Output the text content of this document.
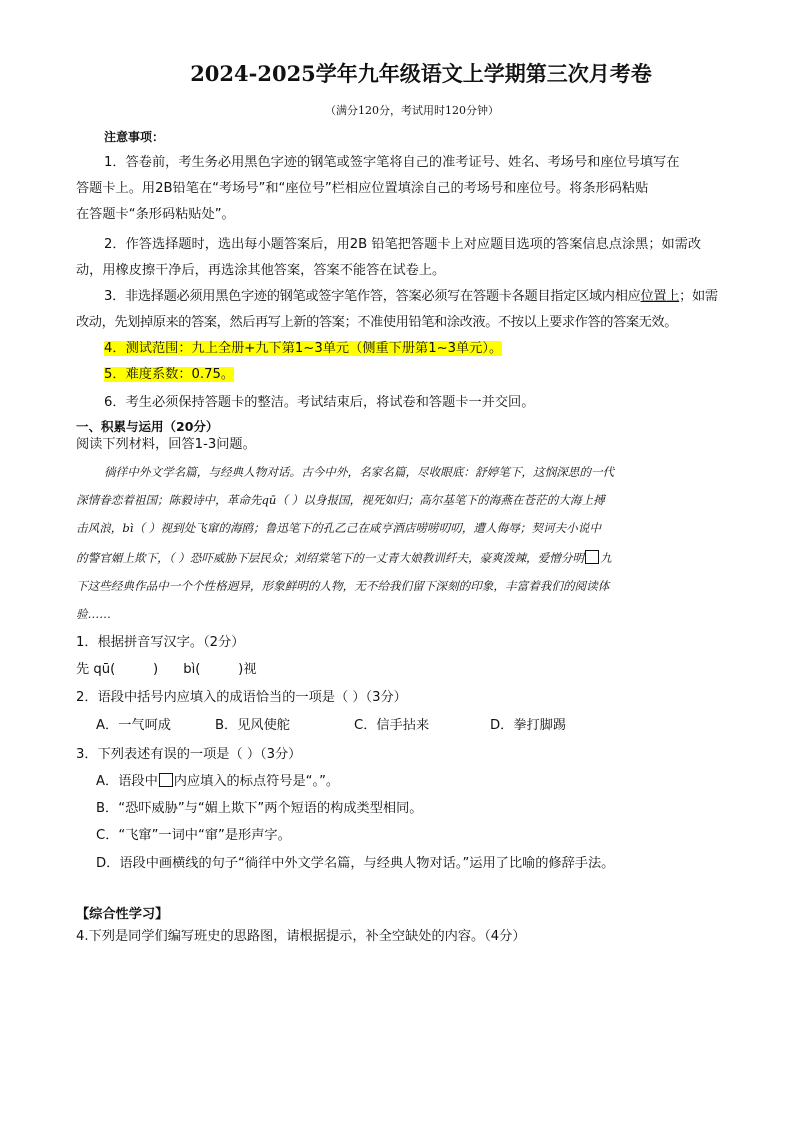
2024-2025学年九年级语文上学期第三次月考卷
（满分120分，考试用时120分钟）
注意事项：
1．答卷前，考生务必用黑色字迹的钢笔或签字笔将自己的准考证号、姓名、考场号和座位号填写在
答题卡上。用2B铅笔在“考场号”和“座位号”栏相应位置填涂自己的考场号和座位号。将条形码粘贴
在答题卡“条形码粘贴处”。
2．作答选择题时，选出每小题答案后，用2B 铅笔把答题卡上对应题目选项的答案信息点涂黑；如需改
动，用橡皮擦干净后，再选涂其他答案，答案不能答在试卷上。
3．非选择题必须用黑色字迹的钢笔或签字笔作答，答案必须写在答题卡各题目指定区域内相应位置上；如需
改动，先划掉原来的答案，然后再写上新的答案；不准使用铅笔和涂改液。不按以上要求作答的答案无效。
4．测试范围：九上全册+九下第1~3单元（侧重下册第1~3单元）。
5．难度系数：0.75。
6．考生必须保持答题卡的整洁。考试结束后，将试卷和答题卡一并交回。
一、积累与运用（20分）
阅读下列材料，回答1-3问题。
徜徉中外文学名篇，与经典人物对话。古今中外，名家名篇，尽收眼底：舒婷笔下，这悯深思的一代
深情眷恋着祖国；陈毅诗中，革命先qū（ ）以身报国，视死如归；高尔基笔下的海燕在苍茫的大海上搏
击风浪，bì（ ）视到处飞窜的海鸥；鲁迅笔下的孔乙己在咸亨酒店唠唠叨叨，遭人侮辱；契诃夫小说中
的警官媚上欺下，（ ）恐吓威胁下层民众；刘绍棠笔下的一丈青大娘教训纤夫，豪爽泼辣，爱憎分明 九
下这些经典作品中一个个性格迥异，形象鲜明的人物，无不给我们留下深刻的印象，丰富着我们的阅读体
验……
1．根据拼音写汉字。（2分）
先 qū(         )      bì(         )视
2．语段中括号内应填入的成语恰当的一项是（ ）（3分）
A．一气呵成	B．见风使舵	C．信手拈来	D．拳打脚踢
3．下列表述有误的一项是（ ）（3分）
A．语段中 内应填入的标点符号是“。”。
B．“恐吓威胁”与“媚上欺下”两个短语的构成类型相同。
C．“飞窜”一词中“窜”是形声字。
D．语段中画横线的句子“徜徉中外文学名篇，与经典人物对话。”运用了比喻的修辞手法。
【综合性学习】
4.下列是同学们编写班史的思路图，请根据提示，补全空缺处的内容。（4分）
